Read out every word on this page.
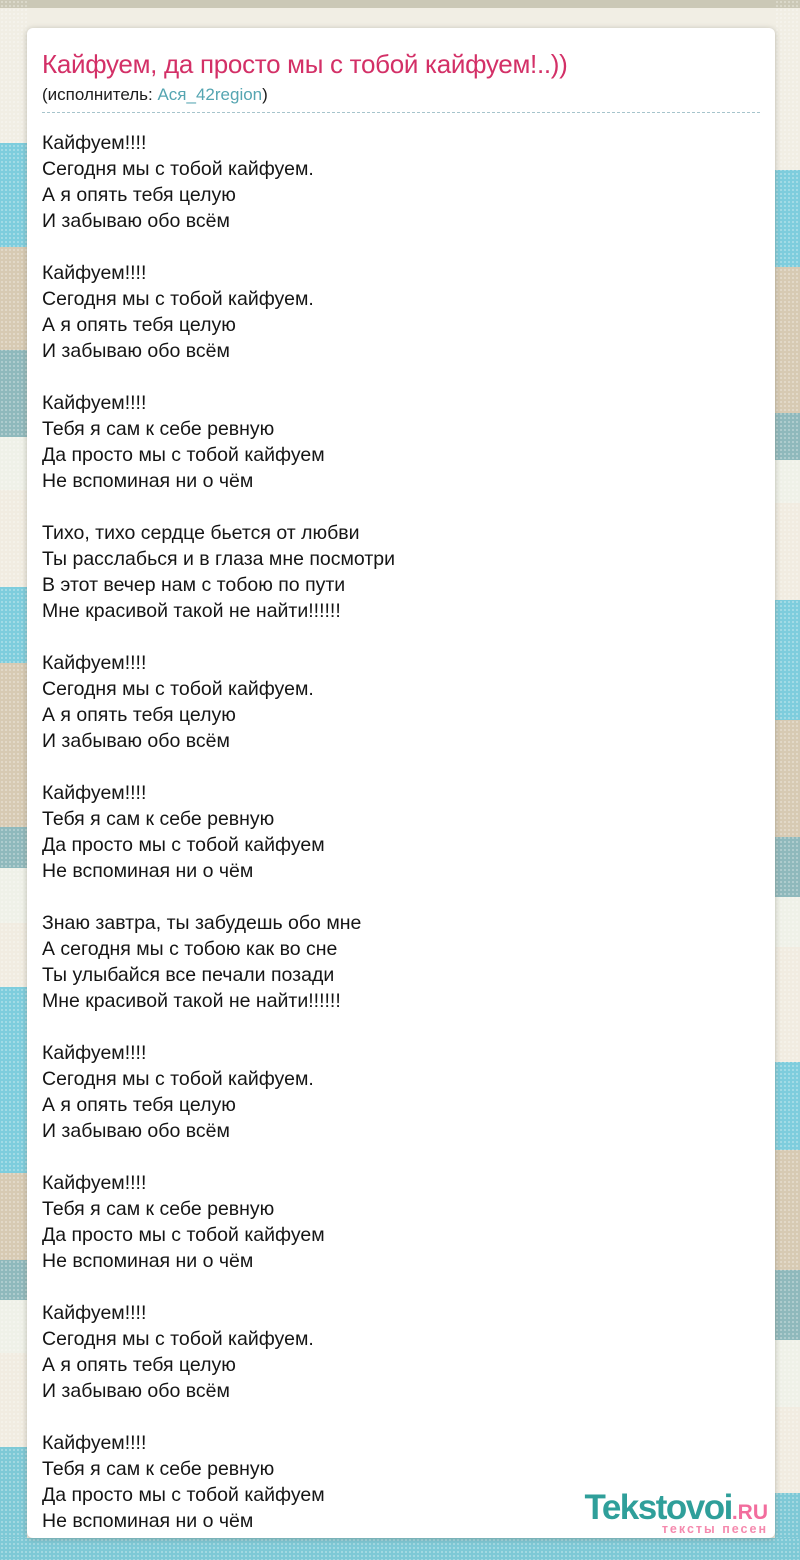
Кайфуем, да просто мы с тобой кайфуем!..))

(исполнитель: Ася_42region)

Кайфуем!!!!

Сегодня мы с тобой кайфуем.

А я опять тебя целую

И забываю обо всём

Кайфуем!!!!

Сегодня мы с тобой кайфуем.

А я опять тебя целую

И забываю обо всём

Кайфуем!!!!

Тебя я сам к себе ревную

Да просто мы с тобой кайфуем

Не вспоминая ни о чём

Тихо, тихо сердце бьется от любви

Ты расслабься и в глаза мне посмотри

В этот вечер нам с тобою по пути

Мне красивой такой не найти!!!!!!

Кайфуем!!!!

Сегодня мы с тобой кайфуем.

А я опять тебя целую

И забываю обо всём

Кайфуем!!!!

Тебя я сам к себе ревную

Да просто мы с тобой кайфуем

Не вспоминая ни о чём

Знаю завтра, ты забудешь обо мне

А сегодня мы с тобою как во сне

Ты улыбайся все печали позади

Мне красивой такой не найти!!!!!!

Кайфуем!!!!

Сегодня мы с тобой кайфуем.

А я опять тебя целую

И забываю обо всём

Кайфуем!!!!

Тебя я сам к себе ревную

Да просто мы с тобой кайфуем

Не вспоминая ни о чём

Кайфуем!!!!

Сегодня мы с тобой кайфуем.

А я опять тебя целую

И забываю обо всём

Кайфуем!!!!

Тебя я сам к себе ревную

Да просто мы с тобой кайфуем

Не вспоминая ни о чём	Tekstovoi.RU
тексты песен
